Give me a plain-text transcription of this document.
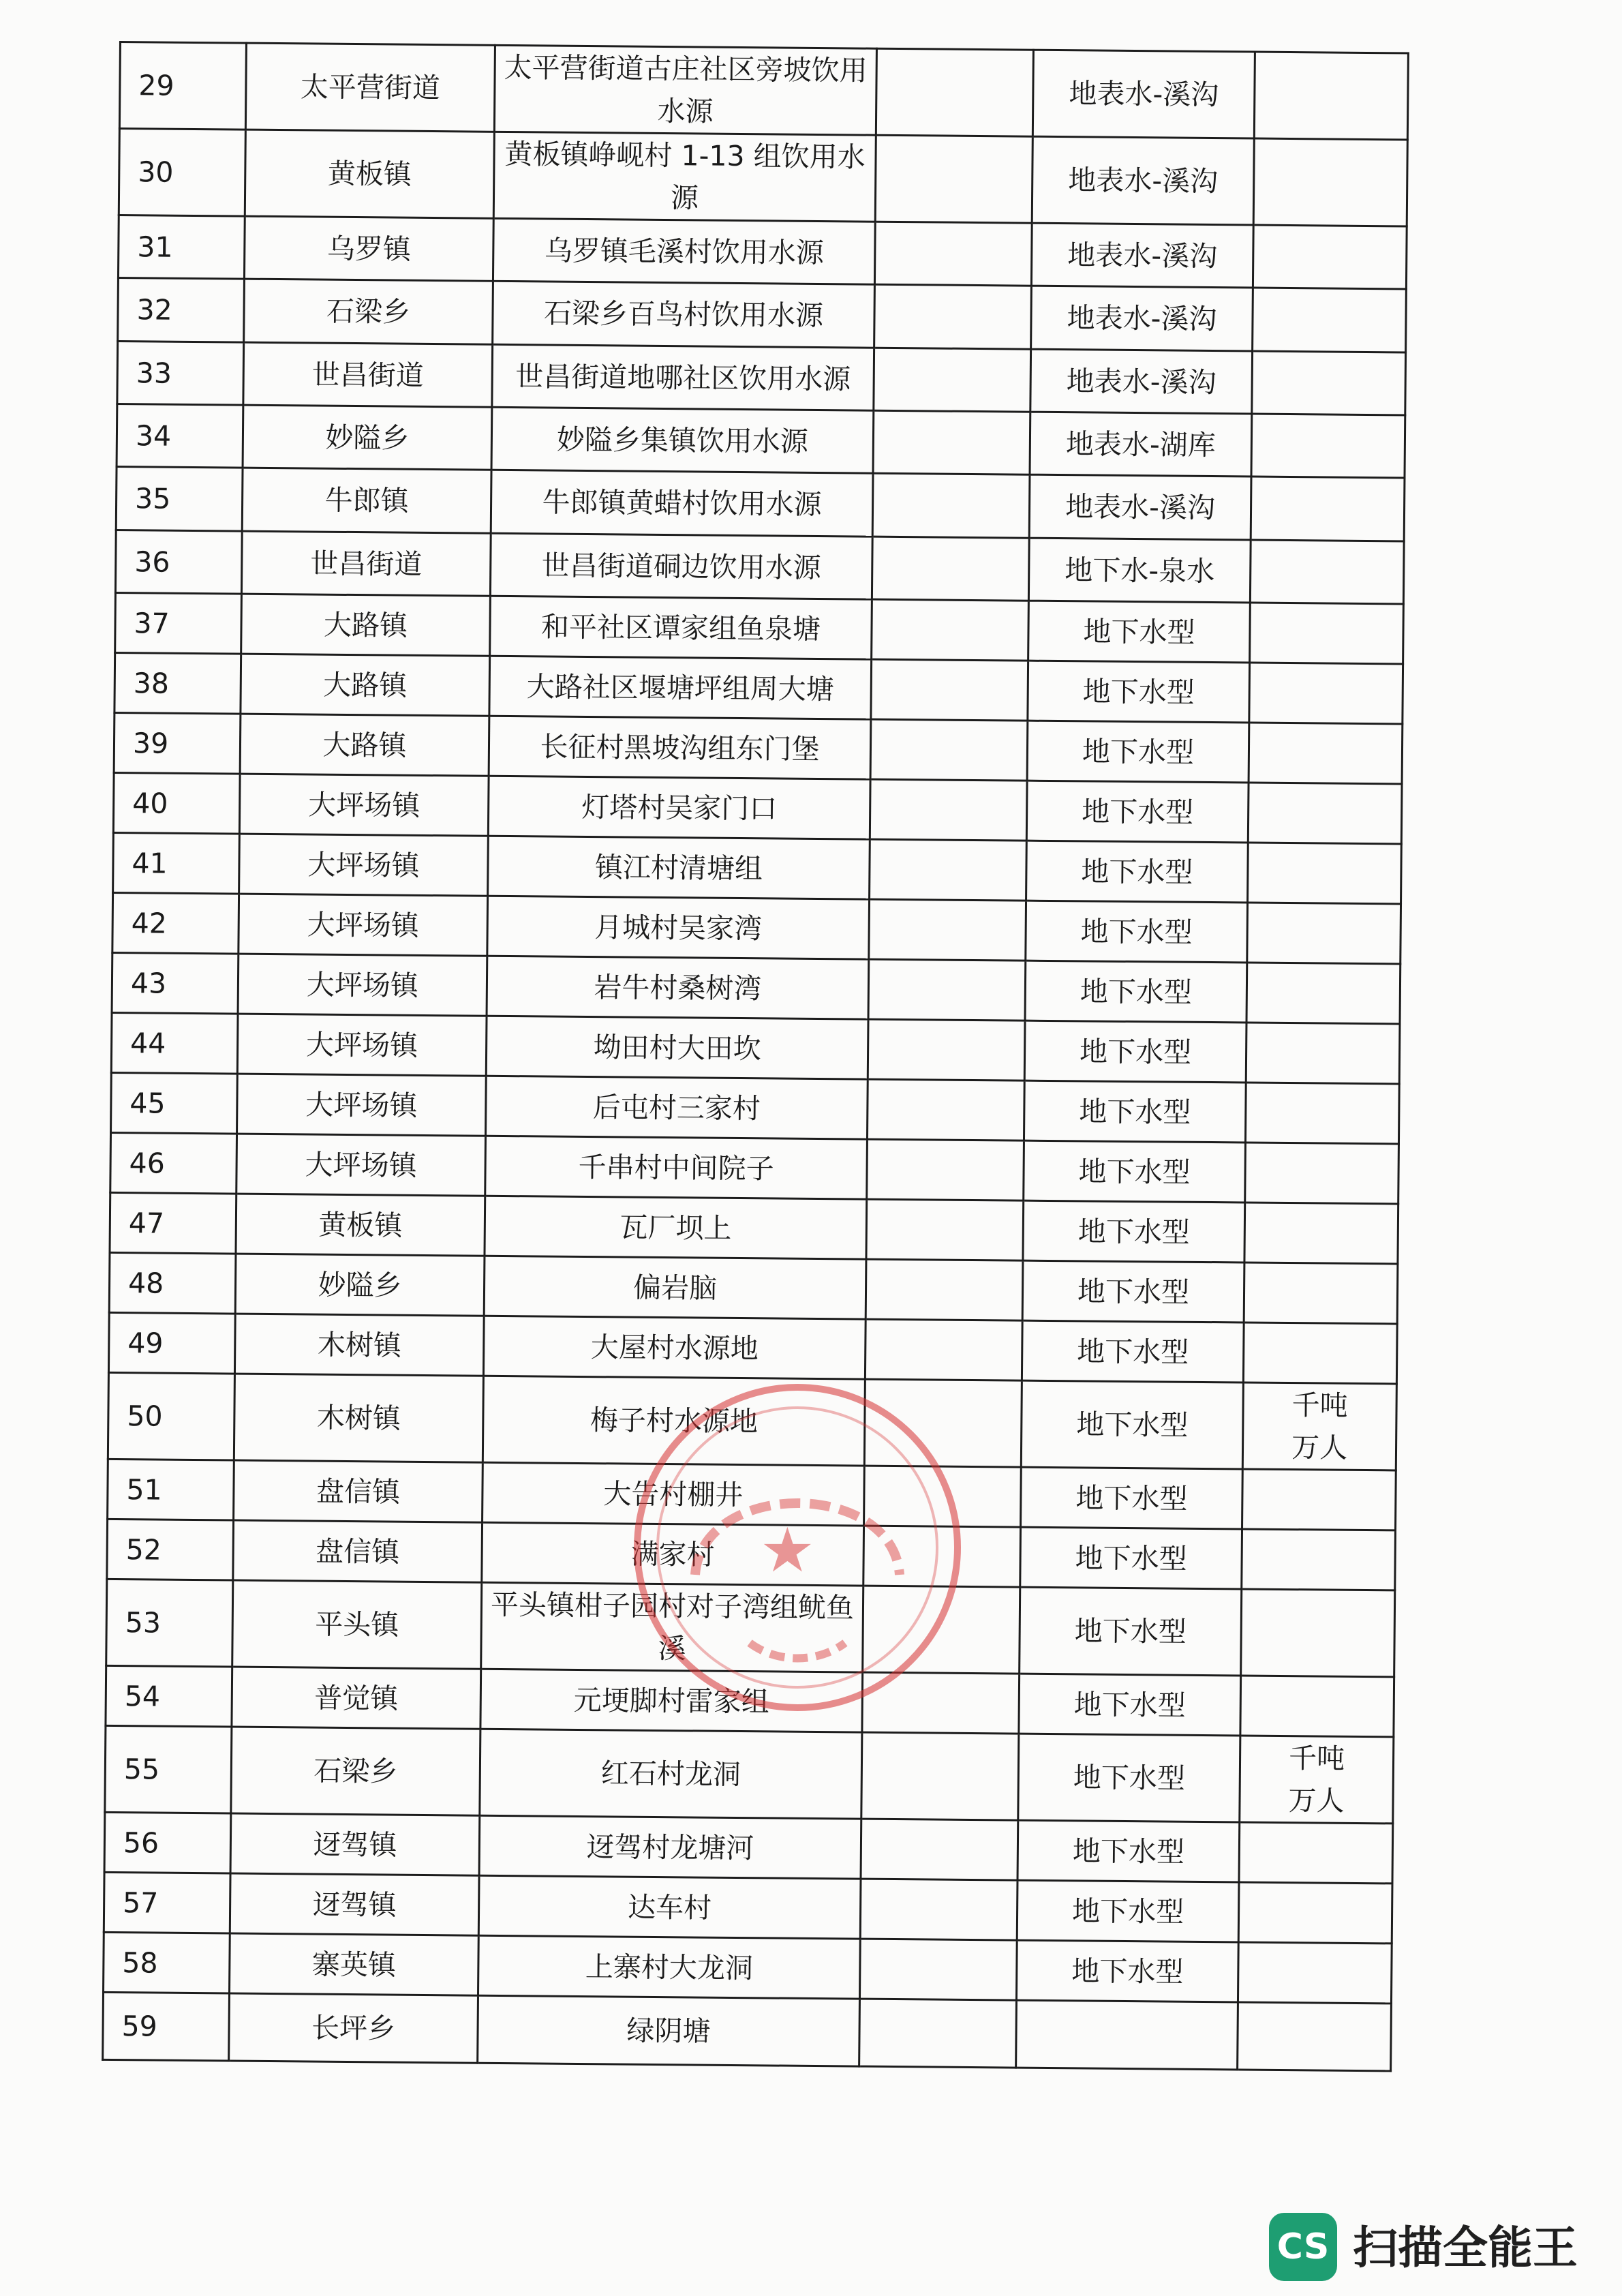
29	太平营街道	太平营街道古庄社区旁坡饮用水源		地表水-溪沟	
30	黄板镇	黄板镇峥岘村 1-13 组饮用水源		地表水-溪沟	
31	乌罗镇	乌罗镇毛溪村饮用水源		地表水-溪沟	
32	石梁乡	石梁乡百鸟村饮用水源		地表水-溪沟	
33	世昌街道	世昌街道地哪社区饮用水源		地表水-溪沟	
34	妙隘乡	妙隘乡集镇饮用水源		地表水-湖库	
35	牛郎镇	牛郎镇黄蜡村饮用水源		地表水-溪沟	
36	世昌街道	世昌街道硐边饮用水源		地下水-泉水	
37	大路镇	和平社区谭家组鱼泉塘		地下水型	
38	大路镇	大路社区堰塘坪组周大塘		地下水型	
39	大路镇	长征村黑坡沟组东门堡		地下水型	
40	大坪场镇	灯塔村吴家门口		地下水型	
41	大坪场镇	镇江村清塘组		地下水型	
42	大坪场镇	月城村吴家湾		地下水型	
43	大坪场镇	岩牛村桑树湾		地下水型	
44	大坪场镇	坳田村大田坎		地下水型	
45	大坪场镇	后屯村三家村		地下水型	
46	大坪场镇	千串村中间院子		地下水型	
47	黄板镇	瓦厂坝上		地下水型	
48	妙隘乡	偏岩脑		地下水型	
49	木树镇	大屋村水源地		地下水型	
50	木树镇	梅子村水源地		地下水型	千吨
万人

51	盘信镇	大告村棚井		地下水型	
52	盘信镇	满家村		地下水型	
53	平头镇	平头镇柑子园村对子湾组鱿鱼溪		地下水型	
54	普觉镇	元埂脚村雷家组		地下水型	
55	石梁乡	红石村龙洞		地下水型	千吨
万人

56	迓驾镇	迓驾村龙塘河		地下水型	
57	迓驾镇	达车村		地下水型	
58	寨英镇	上寨村大龙洞		地下水型	
59	长坪乡	绿阴塘			
★
CS 扫描全能王
